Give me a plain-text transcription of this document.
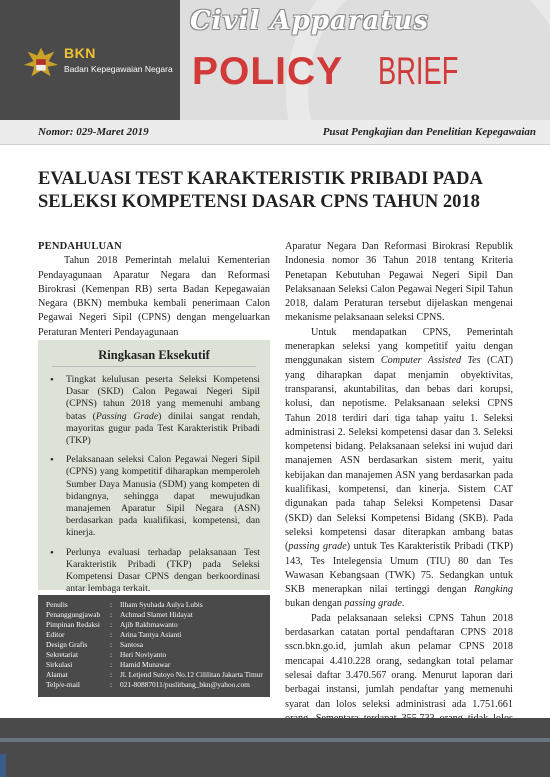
BKN
Badan Kepegawaian Negara
Civil Apparatus
POLICY BRIEF
Nomor: 029-Maret 2019	Pusat Pengkajian dan Penelitian Kepegawaian
EVALUASI TEST KARAKTERISTIK PRIBADI PADA SELEKSI KOMPETENSI DASAR CPNS TAHUN 2018

PENDAHULUAN

Tahun 2018 Pemerintah melalui Kementerian Pendayagunaan Aparatur Negara dan Reformasi Birokrasi (Kemenpan RB) serta Badan Kepegawaian Negara (BKN) membuka kembali penerimaan Calon Pegawai Negeri Sipil (CPNS) dengan mengeluarkan Peraturan Menteri Pendayagunaan

Ringkasan Eksekutif
• Tingkat kelulusan peserta Seleksi Kompetensi Dasar (SKD) Calon Pegawai Negeri Sipil (CPNS) tahun 2018 yang memenuhi ambang batas (Passing Grade) dinilai sangat rendah, mayoritas gugur pada Test Karakteristik Pribadi (TKP)
• Pelaksanaan seleksi Calon Pegawai Negeri Sipil (CPNS) yang kompetitif diharapkan memperoleh Sumber Daya Manusia (SDM) yang kompeten di bidangnya, sehingga dapat mewujudkan manajemen Aparatur Sipil Negara (ASN) berdasarkan pada kualifikasi, kompetensi, dan kinerja.
• Perlunya evaluasi terhadap pelaksanaan Test Karakteristik Pribadi (TKP) pada Seleksi Kompetensi Dasar CPNS dengan berkoordinasi antar lembaga terkait.
Penulis	:	Ilham Syuhada Aulya Lubis
Penanggungjawab	:	Achmad Slamet Hidayat
Pimpinan Redaksi	:	Ajib Rakhmawanto
Editor	:	Arina Tantya Asianti
Design Grafis	:	Santosa
Sekretariat	:	Heri Noviyanto
Sirkulasi	:	Hamid Munawar
Alamat	:	Jl. Letjend Sutoyo No.12 Cililitan Jakarta Timur
Telp/e-mail	:	021-80887011/puslitbang_bkn@yahoo.com

Aparatur Negara Dan Reformasi Birokrasi Republik Indonesia nomor 36 Tahun 2018 tentang Kriteria Penetapan Kebutuhan Pegawai Negeri Sipil Dan Pelaksanaan Seleksi Calon Pegawai Negeri Sipil Tahun 2018, dalam Peraturan tersebut dijelaskan mengenai mekanisme pelaksanaan seleksi CPNS.

Untuk mendapatkan CPNS, Pemerintah menerapkan seleksi yang kompetitif yaitu dengan menggunakan sistem Computer Assisted Tes (CAT) yang diharapkan dapat menjamin obyektivitas, transparansi, akuntabilitas, dan bebas dari korupsi, kolusi, dan nepotisme. Pelaksanaan seleksi CPNS Tahun 2018 terdiri dari tiga tahap yaitu 1. Seleksi administrasi 2. Seleksi kompetensi dasar dan 3. Seleksi kompetensi bidang. Pelaksanaan seleksi ini wujud dari manajemen ASN berdasarkan sistem merit, yaitu kebijakan dan manajemen ASN yang berdasarkan pada kualifikasi, kompetensi, dan kinerja. Sistem CAT digunakan pada tahap Seleksi Kompetensi Dasar (SKD) dan Seleksi Kompetensi Bidang (SKB). Pada seleksi kompetensi dasar diterapkan ambang batas (passing grade) untuk Tes Karakteristik Pribadi (TKP) 143, Tes Intelegensia Umum (TIU) 80 dan Tes Wawasan Kebangsaan (TWK) 75. Sedangkan untuk SKB menerapkan nilai tertinggi dengan Rangking bukan dengan passing grade.

Pada pelaksanaan seleksi CPNS Tahun 2018 berdasarkan catatan portal pendaftaran CPNS 2018 sscn.bkn.go.id, jumlah akun pelamar CPNS 2018 mencapai 4.410.228 orang, sedangkan total pelamar selesai daftar 3.470.567 orang. Menurut laporan dari berbagai instansi, jumlah pendaftar yang memenuhi syarat dan lolos seleksi administrasi ada 1.751.661
